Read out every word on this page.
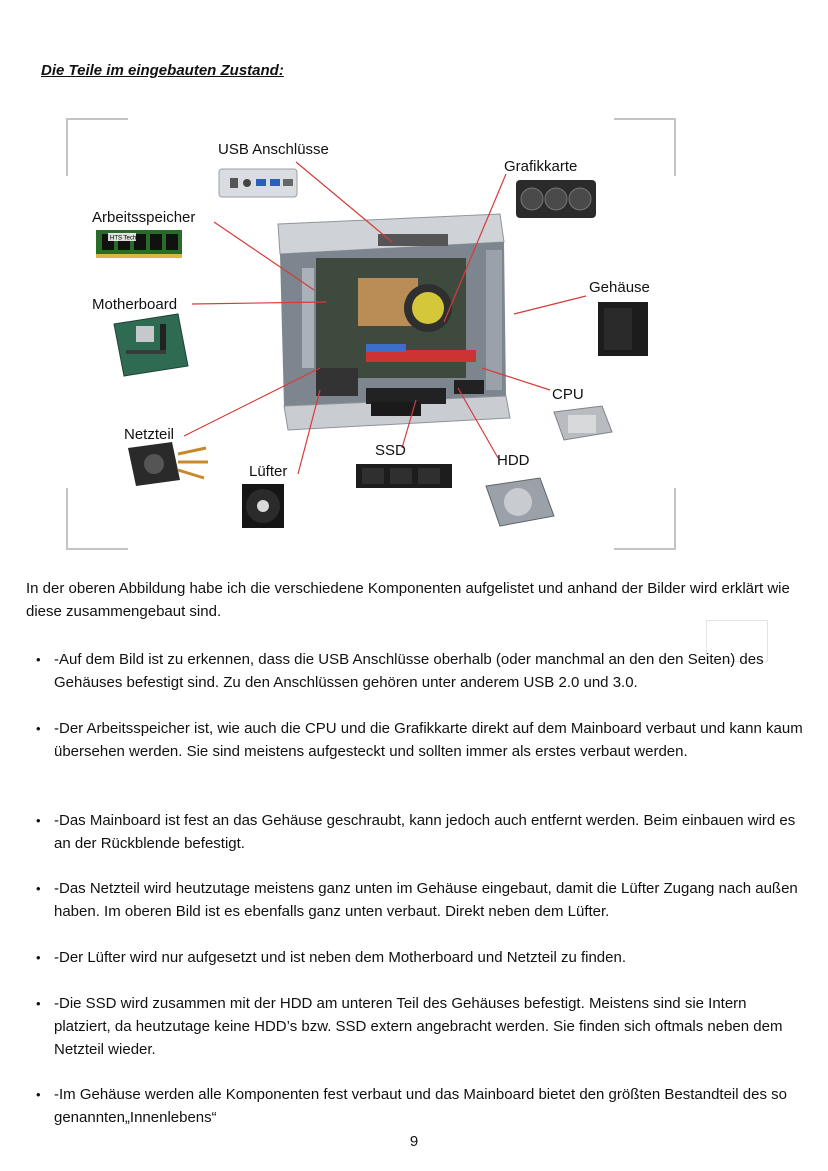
Die Teile im eingebauten Zustand:
HTS Tech
USB Anschlüsse
Grafikkarte
Arbeitsspeicher
Gehäuse
Motherboard
CPU
Netzteil
SSD
HDD
Lüfter
In der oberen Abbildung habe ich die verschiedene Komponenten aufgelistet und anhand der Bilder wird erklärt wie diese zusammengebaut sind.
• -Auf dem Bild ist zu erkennen, dass die USB Anschlüsse oberhalb (oder manchmal an den den Seiten) des Gehäuses befestigt sind. Zu den Anschlüssen gehören unter anderem USB 2.0 und 3.0.
• -Der Arbeitsspeicher ist, wie auch die CPU und die Grafikkarte direkt auf dem Mainboard verbaut und kann kaum übersehen werden. Sie sind meistens aufgesteckt und sollten immer als erstes verbaut werden.
• -Das Mainboard ist fest an das Gehäuse geschraubt, kann jedoch auch entfernt werden. Beim einbauen wird es an der Rückblende befestigt.
• -Das Netzteil wird heutzutage meistens ganz unten im Gehäuse eingebaut, damit die Lüfter Zugang nach außen haben. Im oberen Bild ist es ebenfalls ganz unten verbaut. Direkt neben dem Lüfter.
• -Der Lüfter wird nur aufgesetzt und ist neben dem Motherboard und Netzteil zu finden.
• -Die SSD wird zusammen mit der HDD am unteren Teil des Gehäuses befestigt. Meistens sind sie Intern platziert, da heutzutage keine HDD’s bzw. SSD extern angebracht werden. Sie finden sich oftmals neben dem Netzteil wieder.
• -Im Gehäuse werden alle Komponenten fest verbaut und das Mainboard bietet den größten Bestandteil des so genannten„Innenlebens“
9
